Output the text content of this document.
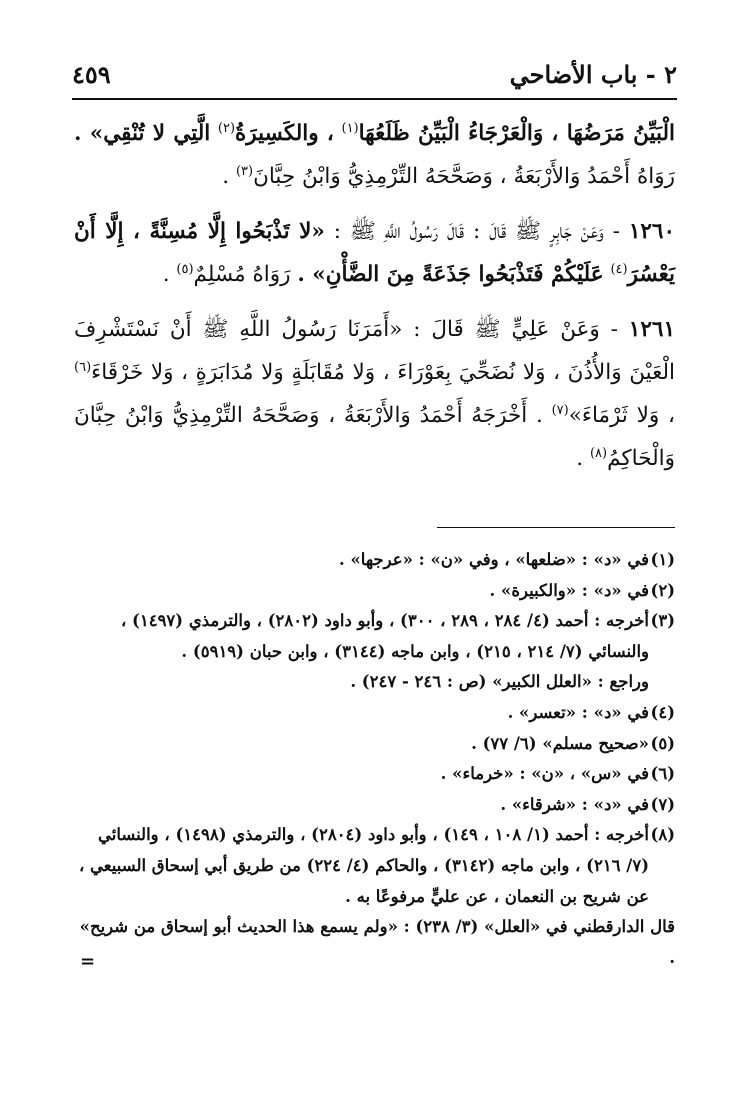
٢ - باب الأضاحي
٤٥٩

الْبَيِّنُ مَرَضُهَا ، وَالْعَرْجَاءُ الْبَيِّنُ ظَلَعُهَا$^{(١)}$ ، والكَسِيرَةُ$^{(٢)}$ الَّتِي لا تُنْقِي» . رَوَاهُ أَحْمَدُ وَالأَرْبَعَةُ ، وَصَحَّحَهُ التِّرْمِذِيُّ وَابْنُ حِبَّانَ$^{(٣)}$ .

١٢٦٠ - وَعَنْ جَابِرٍ ﷺ قَالَ : قَالَ رَسُولُ اللَّهِ ﷺ : «لا تَذْبَحُوا إِلَّا مُسِنَّةً ، إِلَّا أَنْ يَعْسُرَ$^{(٤)}$ عَلَيْكُمْ فَتَذْبَحُوا جَذَعَةً مِنَ الضَّأْنِ» . رَوَاهُ مُسْلِمٌ$^{(٥)}$ .

١٢٦١ - وَعَنْ عَلِيٍّ ﷺ قَالَ : «أَمَرَنَا رَسُولُ اللَّهِ ﷺ أَنْ نَسْتَشْرِفَ الْعَيْنَ وَالأُذُنَ ، وَلا نُضَحِّيَ بِعَوْرَاءَ ، وَلا مُقَابَلَةٍ وَلا مُدَابَرَةٍ ، وَلا خَرْقَاءَ$^{(٦)}$ ، وَلا ثَرْمَاءَ»$^{(٧)}$ . أَخْرَجَهُ أَحْمَدُ وَالأَرْبَعَةُ ، وَصَحَّحَهُ التِّرْمِذِيُّ وَابْنُ حِبَّانَ وَالْحَاكِمُ$^{(٨)}$ .

(١)في «د» : «ضلعها» ، وفي «ن» : «عرجها» .

(٢)في «د» : «والكبيرة» .

(٣)أخرجه : أحمد (٤/ ٢٨٤ ، ٢٨٩ ، ٣٠٠) ، وأبو داود (٢٨٠٢) ، والترمذي (١٤٩٧) ، والنسائي (٧/ ٢١٤ ، ٢١٥) ، وابن ماجه (٣١٤٤) ، وابن حبان (٥٩١٩) .

وراجع : «العلل الكبير» (ص : ٢٤٦ - ٢٤٧) .

(٤)في «د» : «تعسر» .

(٥)«صحيح مسلم» (٦/ ٧٧) .

(٦)في «س» ، «ن» : «خرماء» .

(٧)في «د» : «شرقاء» .

(٨)أخرجه : أحمد (١/ ١٠٨ ، ١٤٩) ، وأبو داود (٢٨٠٤) ، والترمذي (١٤٩٨) ، والنسائي (٧/ ٢١٦) ، وابن ماجه (٣١٤٢) ، والحاكم (٤/ ٢٢٤) من طريق أبي إسحاق السبيعي ، عن شريح بن النعمان ، عن عليٍّ مرفوعًا به .

قال الدارقطني في «العلل» (٣/ ٢٣٨) : «ولم يسمع هذا الحديث أبو إسحاق من شريح» .

=
